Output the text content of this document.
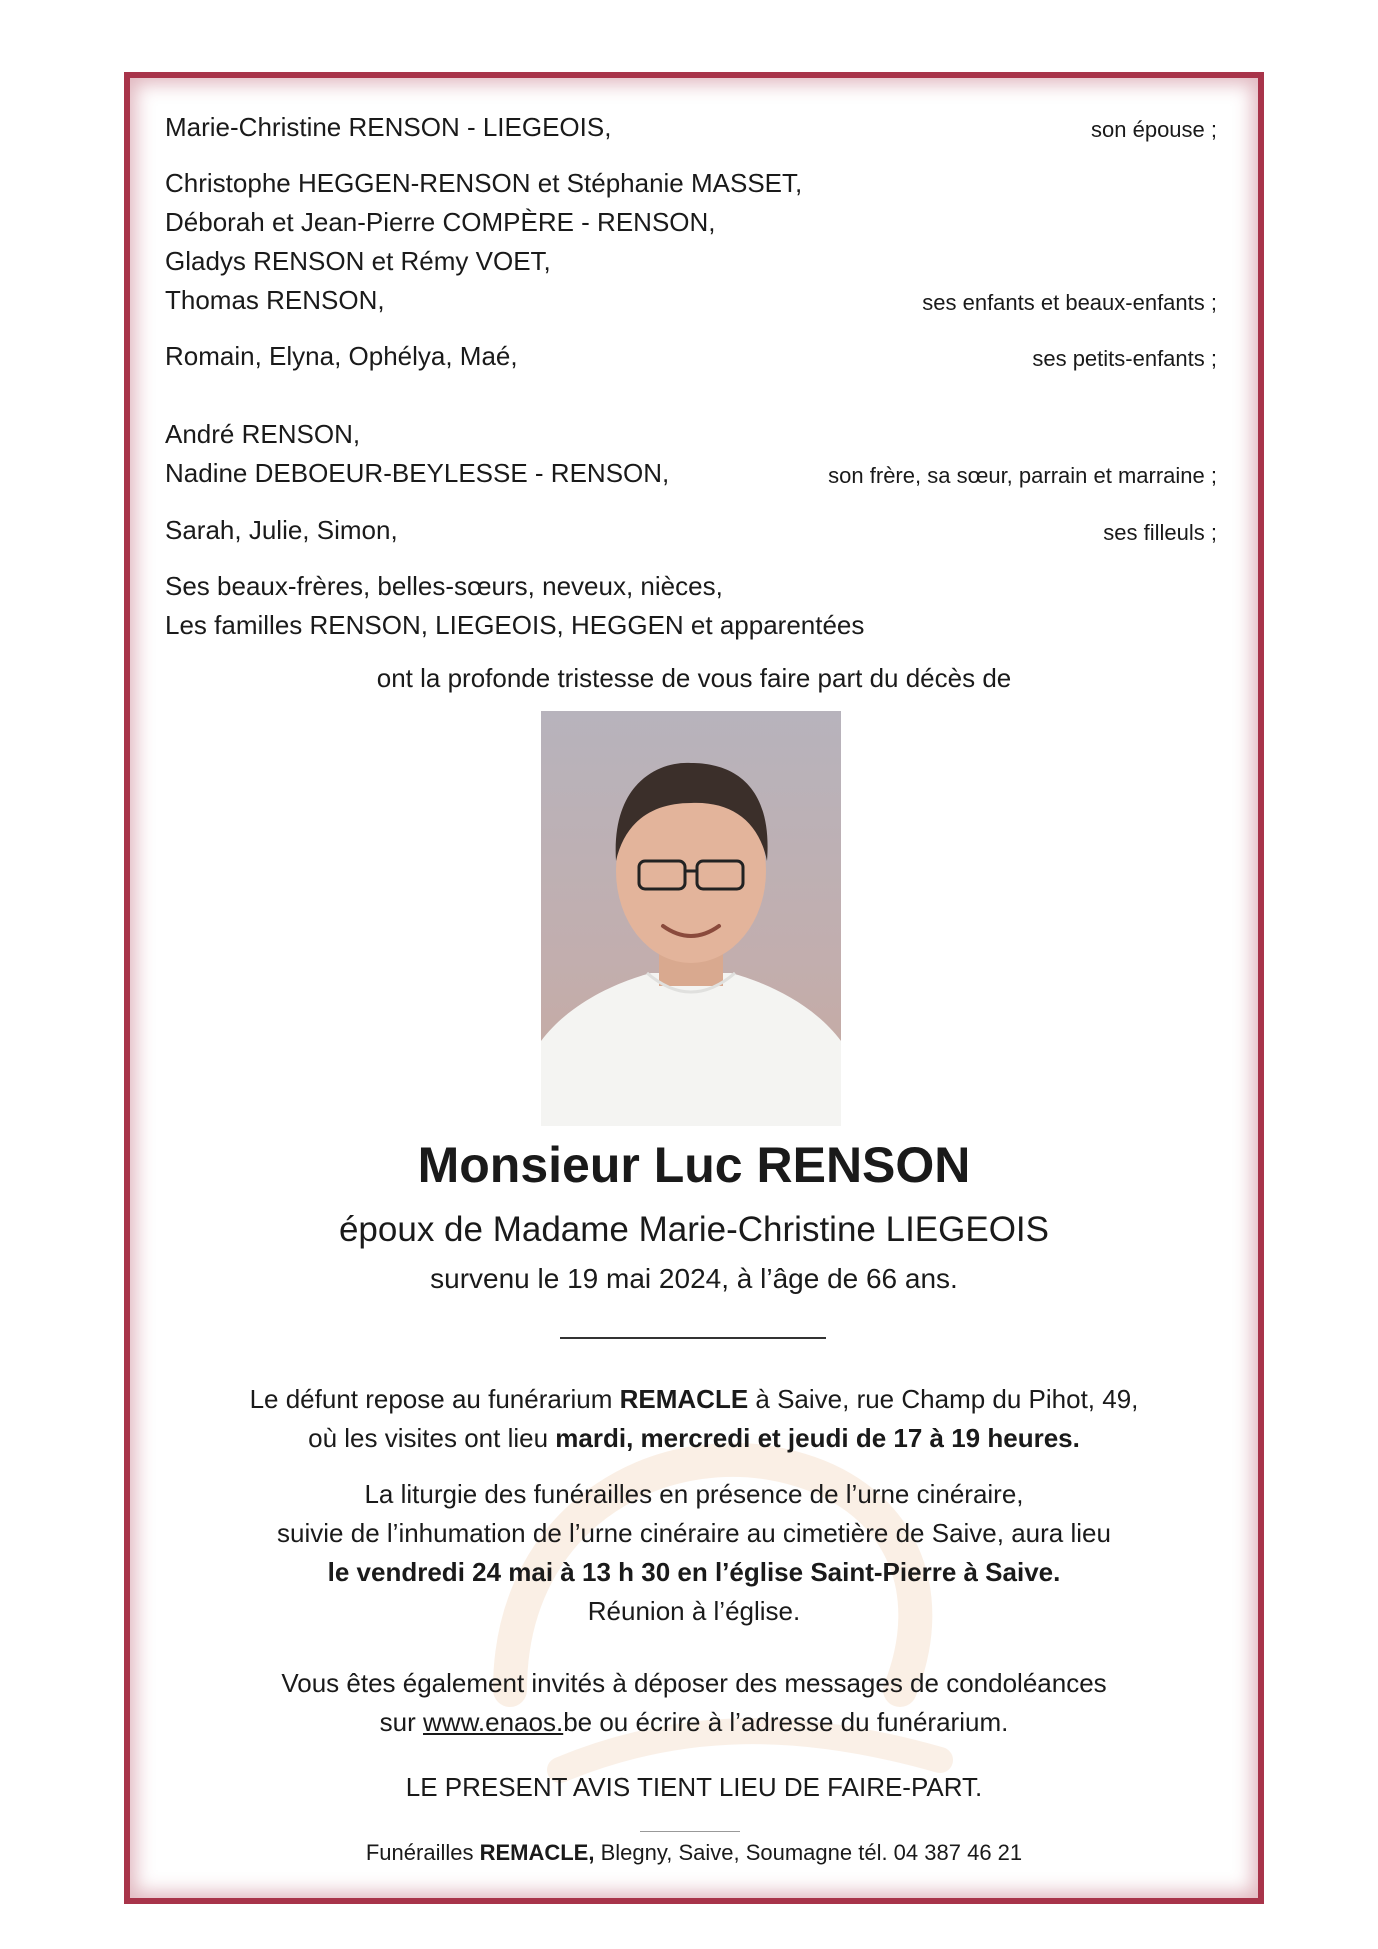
Marie-Christine RENSON - LIEGEOIS,	son épouse ;
Christophe HEGGEN-RENSON et Stéphanie MASSET,
Déborah et Jean-Pierre COMPÈRE - RENSON,
Gladys RENSON et Rémy VOET,
Thomas RENSON,	ses enfants et beaux-enfants ;
Romain, Elyna, Ophélya, Maé,	ses petits-enfants ;
André RENSON,
Nadine DEBOEUR-BEYLESSE - RENSON,	son frère, sa sœur, parrain et marraine ;
Sarah, Julie, Simon,	ses filleuls ;
Ses beaux-frères, belles-sœurs, neveux, nièces,
Les familles RENSON, LIEGEOIS, HEGGEN et apparentées
ont la profonde tristesse de vous faire part du décès de
Monsieur Luc RENSON
époux de Madame Marie-Christine LIEGEOIS
survenu le 19 mai 2024, à l’âge de 66 ans.
Le défunt repose au funérarium REMACLE à Saive, rue Champ du Pihot, 49,
où les visites ont lieu mardi, mercredi et jeudi de 17 à 19 heures.
La liturgie des funérailles en présence de l’urne cinéraire,
suivie de l’inhumation de l’urne cinéraire au cimetière de Saive, aura lieu
le vendredi 24 mai à 13 h 30 en l’église Saint-Pierre à Saive.
Réunion à l’église.
Vous êtes également invités à déposer des messages de condoléances
sur www.enaos.be ou écrire à l’adresse du funérarium.
LE PRESENT AVIS TIENT LIEU DE FAIRE-PART.
Funérailles REMACLE, Blegny, Saive, Soumagne tél. 04 387 46 21
